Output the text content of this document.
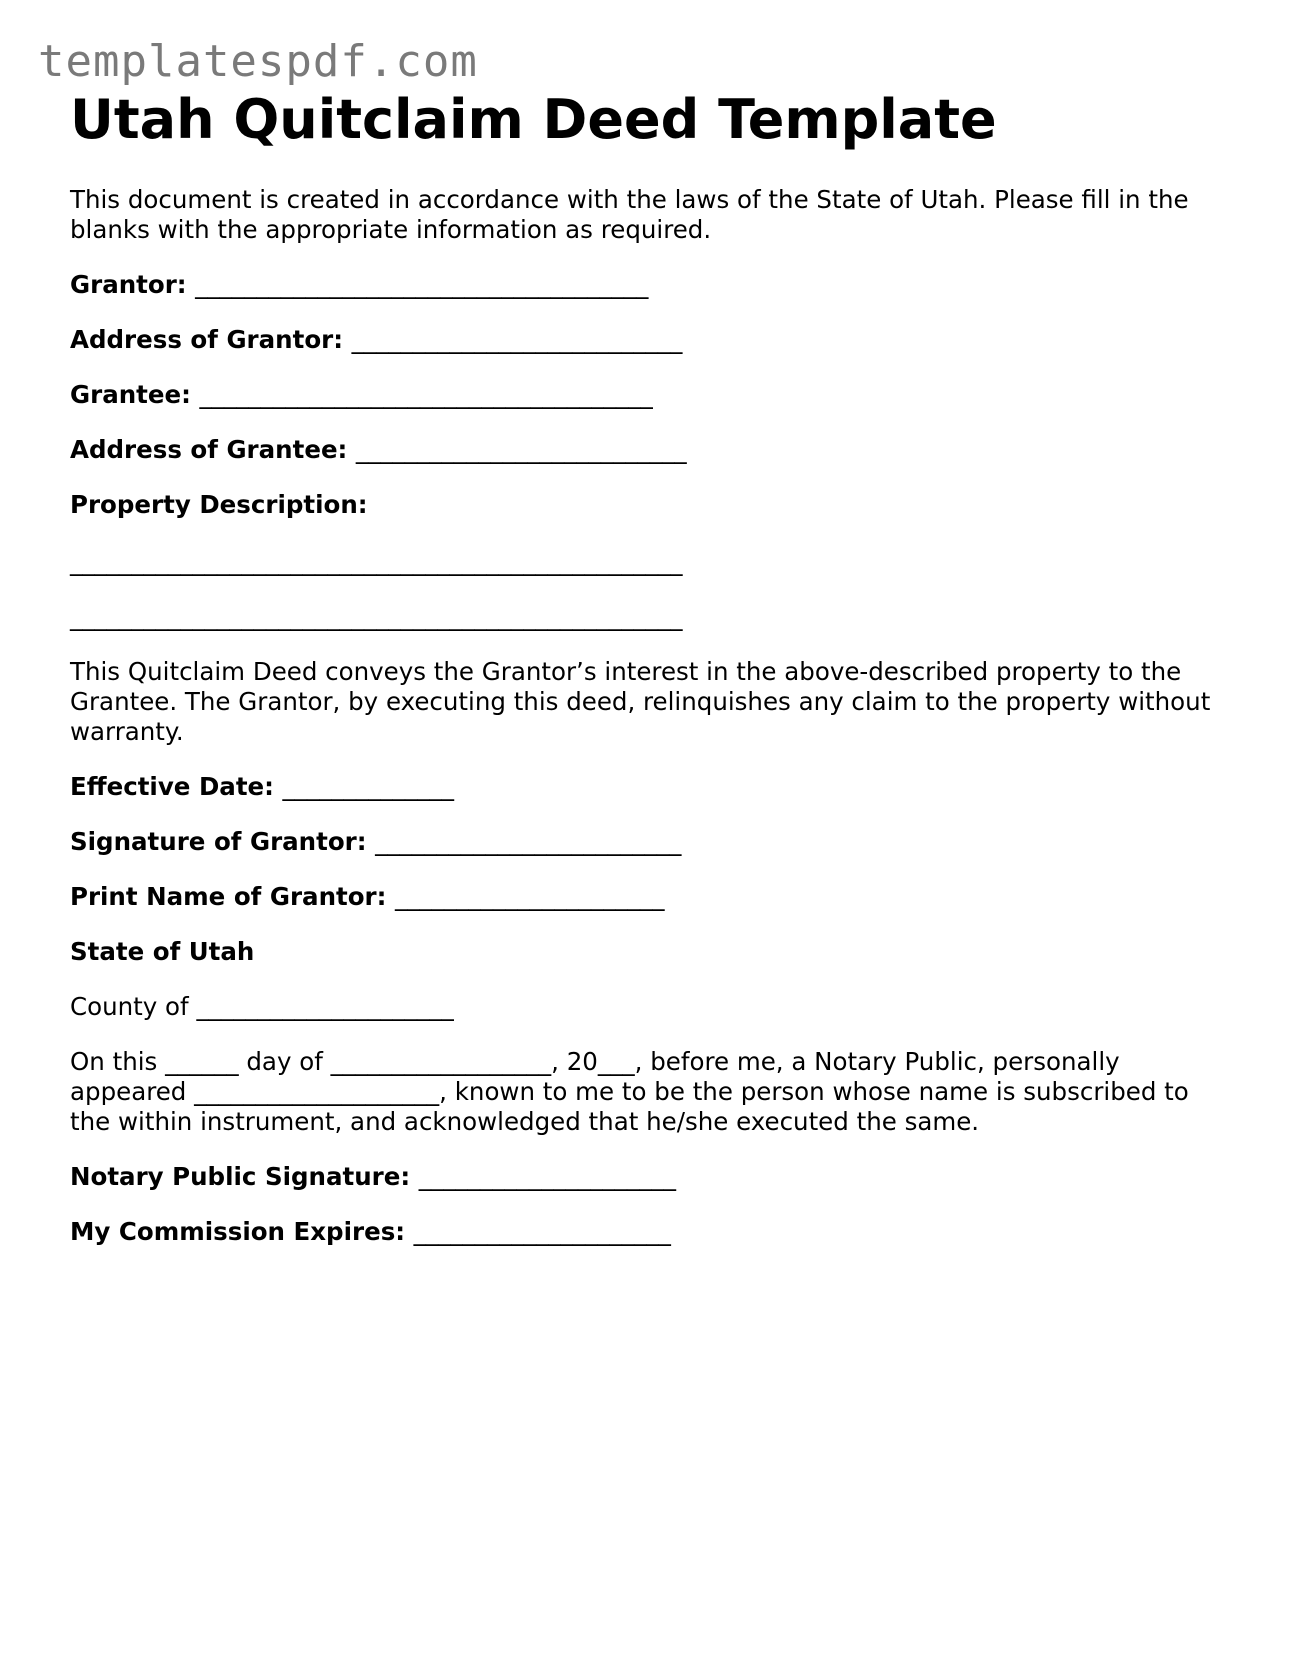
templatespdf.com
Utah Quitclaim Deed Template

This document is created in accordance with the laws of the State of Utah. Please fill in the blanks with the appropriate information as required.

Grantor: _____________________________________

Address of Grantor: ___________________________

Grantee: _____________________________________

Address of Grantee: ___________________________

Property Description:

__________________________________________________

__________________________________________________

This Quitclaim Deed conveys the Grantor’s interest in the above-described property to the Grantee. The Grantor, by executing this deed, relinquishes any claim to the property without warranty.

Effective Date: ______________

Signature of Grantor: _________________________

Print Name of Grantor: ______________________

State of Utah

County of _____________________

On this ______ day of __________________, 20___, before me, a Notary Public, personally appeared ____________________, known to me to be the person whose name is subscribed to the within instrument, and acknowledged that he/she executed the same.

Notary Public Signature: _____________________

My Commission Expires: _____________________
